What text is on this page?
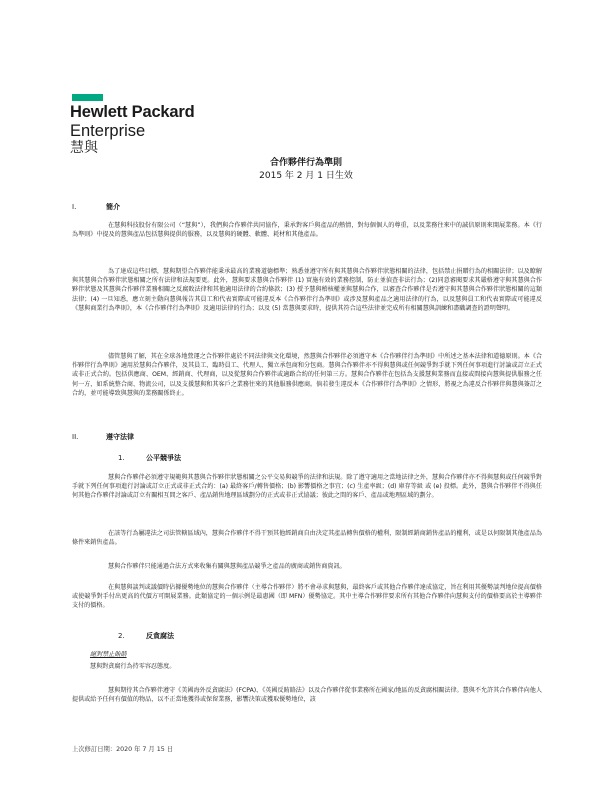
Hewlett Packard
Enterprise
慧與
合作夥伴行為準則
2015 年 2 月 1 日生效
I.	簡介

在慧與科技股份有限公司（“慧與”），我們與合作夥伴共同協作，秉承對客戶與產品的熱情，對每個個人的尊重，以及業務往來中的誠信原則來開展業務。本《行為準則》中提及的慧與產品包括慧與提供的服務，以及慧與的硬體、軟體、耗材和其他產品。

為了達成這些目標，慧與期望合作夥伴能秉承最高的業務道德標準；熟悉並遵守所有與其慧與合作夥伴狀態相關的法律，包括禁止捐贈行為的相關法律；以及瞭解與其慧與合作夥伴狀態相關之所有法律和法規要更。此外，慧與要求慧與合作夥伴 (1) 實施有效的業務控制，防止並偵查非法行為；(2)同意審閱要求其嚴格遵守與其慧與合作夥伴狀態及其慧與合作夥伴業務相關之反腐敗法律和其他適用法律的合約條款；(3) 授予慧與稽核權並與慧與合作，以審查合作夥伴是否遵守與其慧與合作夥伴狀態相關的這類法律；(4) 一旦知悉，應立刻主動向慧與報告其員工和代表實際或可能違反本《合作夥伴行為準則》或涉及慧與產品之適用法律的行為，以及慧與員工和代表實際或可能違反《慧與商業行為準則》，本《合作夥伴行為準則》及適用法律的行為；以及 (5) 當慧與要求時，提供其符合這些法律並完成所有相關慧與訓練和盡職調查的證明聲明。

儘管慧與了解，其在全球各地營運之合作夥伴處於不同法律與文化環境，然慧與合作夥伴必須遵守本《合作夥伴行為準則》中所述之基本法律和道德原則。本《合作夥伴行為準則》適用於慧與合作夥伴，及其員工、臨時員工、代理人、獨立承包商和分包商。慧與合作夥伴亦不得與慧與或任何競爭對手就下列任何事項進行討論或訂立正式或非正式合約。包括供應商、OEM、經銷商、代理商，以及從慧與合作夥伴或適路合約的任何第三方。慧與合作夥伴在包括為支援慧與業務而直接或間接向慧與提供服務之任何一方，如系統整合商、物流公司，以及支援慧與和其客戶之業務往來的其他服務供應商。倘若發生違反本《合作夥伴行為準則》之情形，將視之為違反合作夥伴與慧與簽訂之合約，並可能導致與慧與的業務關係終止。

II.	遵守法律
1.	公平競爭法

慧與合作夥伴必須遵守規範與其慧與合作夥伴狀態相關之公平交易與競爭的法律和法規。除了遵守適用之當地法律之外，慧與合作夥伴亦不得與慧與或任何競爭對手就下列任何事項進行討論或訂立正式或非正式合約：(a) 最終客戶/轉售價格；(b) 影響價格之事宜；(c) 生產率級；(d) 庫存等級 或 (e) 投標。此外，慧與合作夥伴不得與任何其他合作夥伴討論或訂立有關相互間之客戶、產品銷售地理區域劃分的正式或非正式協議；彼此之間的客戶、產品或地理區域的劃分。

在該等行為屬違法之司法管轄區域內，慧與合作夥伴不得干預其他經銷商自由決定其產品轉售價格的權利，限制經銷商銷售產品的權利，或是以何限制其他產品為條件來銷售產品。

慧與合作夥伴只能通過合法方式來收集有關與慧與產品競爭之產品的廣商或銷售商資訊。

在與慧與談判或議價時佔據優勢地位的慧與合作夥伴（主導合作夥伴）將不會尋求與慧與，最終客戶或其他合作夥伴達成協定，旨在利用其優勢談判地位提高價格或使競爭對手付出更高的代價方可開展業務。此類協定的一個示例是最惠國（即 MFN）優勢協定。其中主導合作夥伴要求所有其他合作夥伴向慧與支付的價格要高於主導夥伴支付的價格。

2.	反貪腐法
絕對禁止賄賂
慧與對貪腐行為持零容忍態度。

慧與期待其合作夥伴遵守《美國海外反貪腐法》(FCPA)、《英國反賄賂法》以及合作夥伴從事業務所在國家/地區的反貪腐相關法律。慧與不允許其合作夥伴向他人提供或給予任何有價值的物品，以不正當地獲得或保留業務，影響決策或獲取優勢地位，該

上次修訂日期：2020 年 7 月 15 日
